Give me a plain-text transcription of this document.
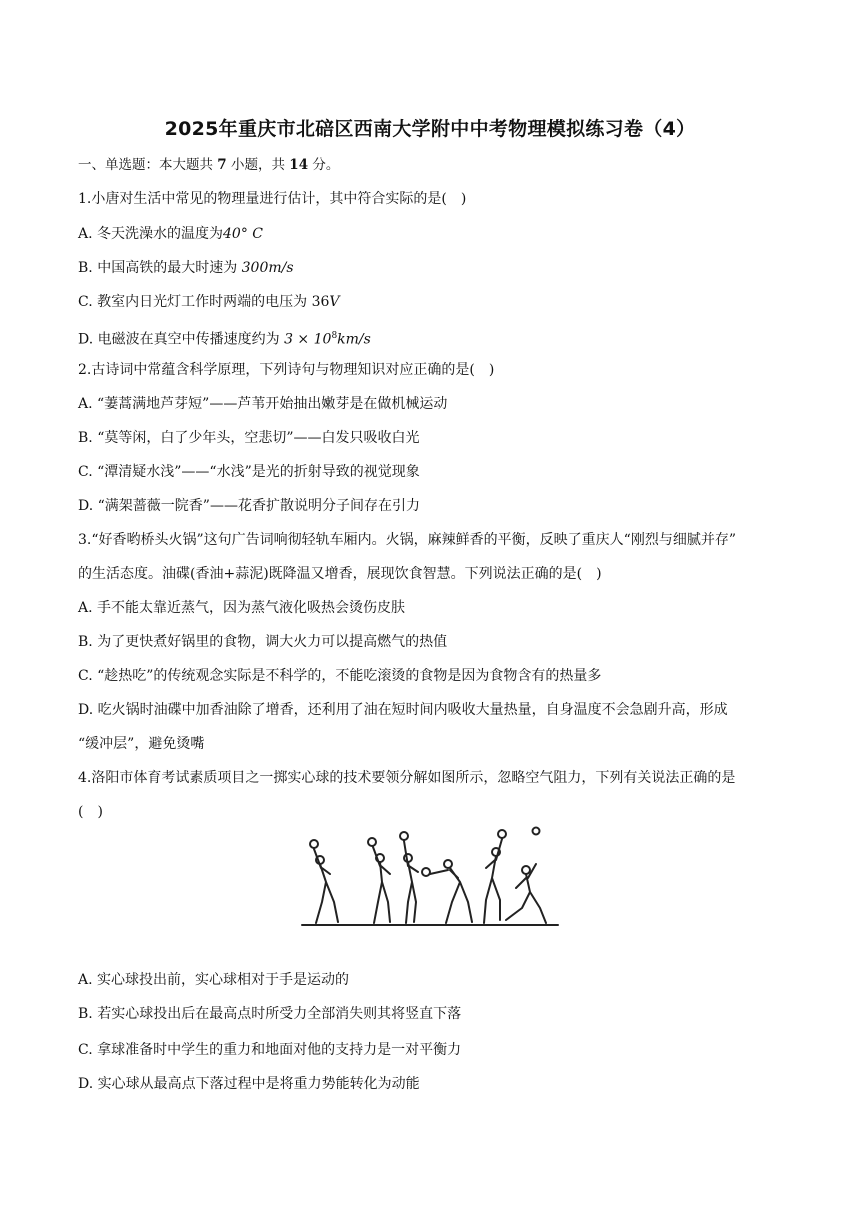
2025年重庆市北碚区西南大学附中中考物理模拟练习卷（4）
一、单选题：本大题共 7 小题，共 14 分。
1.小唐对生活中常见的物理量进行估计，其中符合实际的是(　)
A. 冬天洗澡水的温度为40° C
B. 中国高铁的最大时速为 300m/s
C. 教室内日光灯工作时两端的电压为 36V
D. 电磁波在真空中传播速度约为 $3 \times 10^8km/s$
2.古诗词中常蕴含科学原理，下列诗句与物理知识对应正确的是(　)
A. “萋蒿满地芦芽短”——芦苇开始抽出嫩芽是在做机械运动
B. “莫等闲，白了少年头，空悲切”——白发只吸收白光
C. “潭清疑水浅”——“水浅”是光的折射导致的视觉现象
D. “满架蔷薇一院香”——花香扩散说明分子间存在引力
3.“好香哟桥头火锅”这句广告词响彻轻轨车厢内。火锅，麻辣鲜香的平衡，反映了重庆人“刚烈与细腻并存”
的生活态度。油碟(香油+蒜泥)既降温又增香，展现饮食智慧。下列说法正确的是(　)
A. 手不能太靠近蒸气，因为蒸气液化吸热会烫伤皮肤
B. 为了更快煮好锅里的食物，调大火力可以提高燃气的热值
C. “趁热吃”的传统观念实际是不科学的，不能吃滚烫的食物是因为食物含有的热量多
D. 吃火锅时油碟中加香油除了增香，还利用了油在短时间内吸收大量热量，自身温度不会急剧升高，形成
“缓冲层”，避免烫嘴
4.洛阳市体育考试素质项目之一掷实心球的技术要领分解如图所示，忽略空气阻力，下列有关说法正确的是
(　)
A. 实心球投出前，实心球相对于手是运动的
B. 若实心球投出后在最高点时所受力全部消失则其将竖直下落
C. 拿球准备时中学生的重力和地面对他的支持力是一对平衡力
D. 实心球从最高点下落过程中是将重力势能转化为动能
